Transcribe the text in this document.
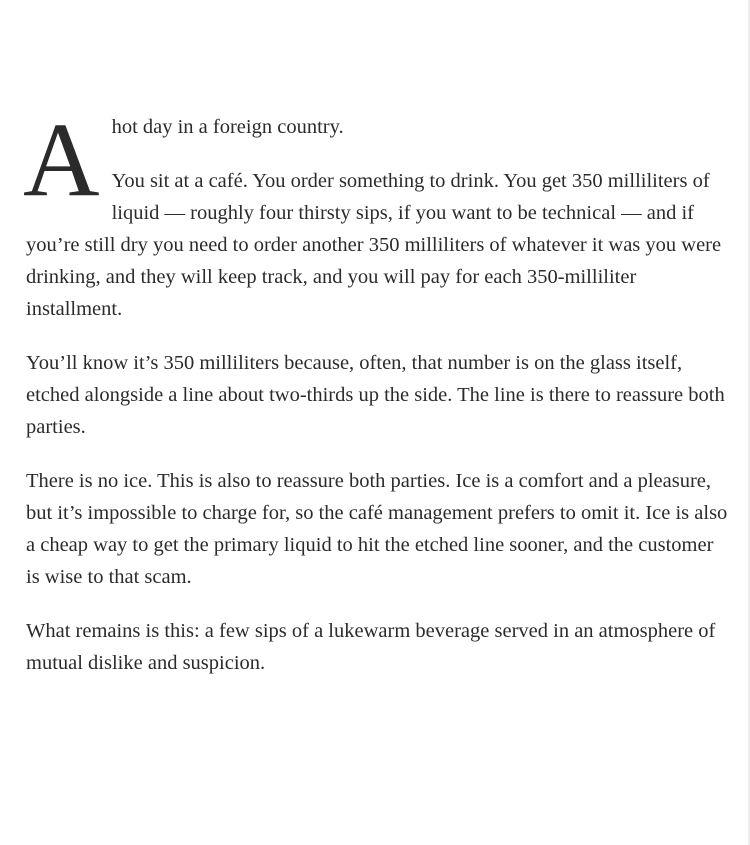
A hot day in a foreign country.

You sit at a café. You order something to drink. You get 350 milliliters of liquid — roughly four thirsty sips, if you want to be technical — and if you’re still dry you need to order another 350 milliliters of whatever it was you were drinking, and they will keep track, and you will pay for each 350-milliliter installment.

You’ll know it’s 350 milliliters because, often, that number is on the glass itself, etched alongside a line about two-thirds up the side. The line is there to reassure both parties.

There is no ice. This is also to reassure both parties. Ice is a comfort and a pleasure, but it’s impossible to charge for, so the café management prefers to omit it. Ice is also a cheap way to get the primary liquid to hit the etched line sooner, and the customer is wise to that scam.

What remains is this: a few sips of a lukewarm beverage served in an atmosphere of mutual dislike and suspicion.
